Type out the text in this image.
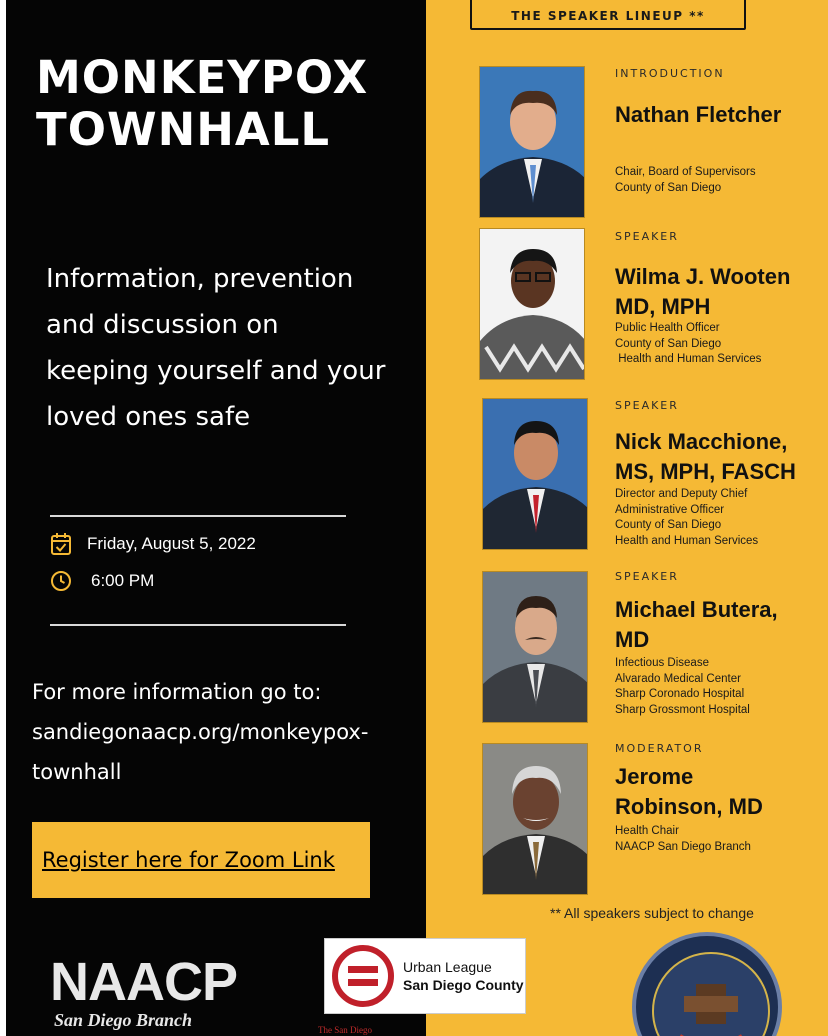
MONKEYPOX
TOWNHALL
Information, prevention and discussion on keeping yourself and your loved ones safe
Friday, August 5, 2022
6:00 PM
For more information go to:
sandiegonaacp.org/monkeypox-townhall
Register here for Zoom Link
NAACP
San Diego Branch	The San Diego
Urban League
San Diego County
THE SPEAKER LINEUP **
INTRODUCTION
Nathan Fletcher
Chair, Board of Supervisors
County of San Diego
SPEAKER
Wilma J. Wooten
MD, MPH
Public Health Officer
County of San Diego
Health and Human Services
SPEAKER
Nick Macchione,
MS, MPH, FASCH
Director and Deputy Chief
Administrative Officer
County of San Diego
Health and Human Services
SPEAKER
Michael Butera,
MD
Infectious Disease
Alvarado Medical Center
Sharp Coronado Hospital
Sharp Grossmont Hospital
MODERATOR
Jerome
Robinson, MD
Health Chair
NAACP San Diego Branch
** All speakers subject to change
